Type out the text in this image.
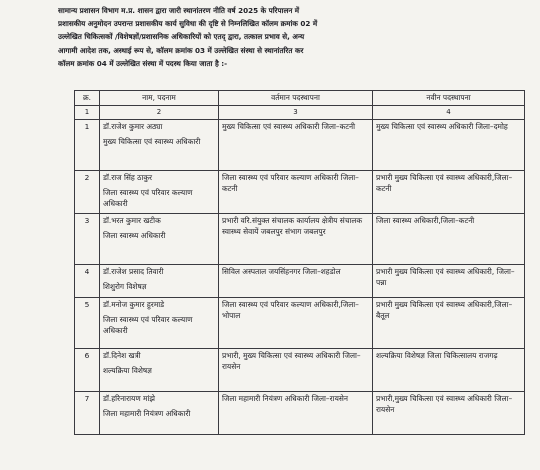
सामान्य प्रशासन विभाग म.प्र. शासन द्वारा जारी स्थानांतरण नीति वर्ष 2025 के परिपालन में
प्रशासकीय अनुमोदन उपरान्त प्रशासकीय कार्य सुविधा की दृष्टि से निम्नलिखित कॉलम क्रमांक 02 में
उल्लेखित चिकित्सकों /विशेषज्ञों/प्रशासनिक अधिकारियों को एतद् द्वारा, तत्काल प्रभाव से, अन्य
आगामी आदेश तक, अस्थाई रूप से, कॉलम क्रमांक 03 में उल्लेखित संस्था से स्थानांतरित कर
कॉलम क्रमांक 04 में उल्लेखित संस्था में पदस्थ किया जाता है :-
क्र.	नाम, पदनाम	वर्तमान पदस्थापना	नवीन पदस्थापना
1	2	3	4
1	डॉ.राजेश कुमार अठ्या
मुख्य चिकित्सा एवं स्वास्थ्य अधिकारी	मुख्य चिकित्सा एवं स्वास्थ्य अधिकारी जिला–कटनी	मुख्य चिकित्सा एवं स्वास्थ्य अधिकारी जिला–दमोह
2	डॉ.राज सिंह ठाकुर
जिला स्वास्थ्य एवं परिवार कल्याण अधिकारी	जिला स्वास्थ्य एवं परिवार कल्याण अधिकारी जिला–कटनी	प्रभारी मुख्य चिकित्सा एवं स्वास्थ्य अधिकारी,जिला–कटनी
3	डॉ.भरत कुमार खटीक
जिला स्वास्थ्य अधिकारी	प्रभारी वरि.संयुक्त संचालक कार्यालय क्षेत्रीय संचालक स्वास्थ्य सेवायें जबलपुर संभाग जबलपुर	जिला स्वास्थ्य अधिकारी,जिला–कटनी
4	डॉ.राजेश प्रसाद तिवारी
शिशुरोग विशेषज्ञ	सिविल अस्पताल जयसिंहनगर जिला–शहडोल	प्रभारी मुख्य चिकित्सा एवं स्वास्थ्य अधिकारी, जिला–पन्ना
5	डॉ.मनोज कुमार हुरमाडे
जिला स्वास्थ्य एवं परिवार कल्याण अधिकारी	जिला स्वास्थ्य एवं परिवार कल्याण अधिकारी,जिला–भोपाल	प्रभारी मुख्य चिकित्सा एवं स्वास्थ्य अधिकारी,जिला–बैतूल
6	डॉ.दिनेश खत्री
शल्यक्रिया विशेषज्ञ	प्रभारी, मुख्य चिकित्सा एवं स्वास्थ्य अधिकारी जिला–रायसेन	शल्यक्रिया विशेषज्ञ जिला चिकित्सालय राजगढ़
7	डॉ.हरिनारायण मांझे
जिला महामारी नियंत्रण अधिकारी	जिला महामारी नियंत्रण अधिकारी जिला–रायसेन	प्रभारी,मुख्य चिकित्सा एवं स्वास्थ्य अधिकारी जिला–रायसेन
